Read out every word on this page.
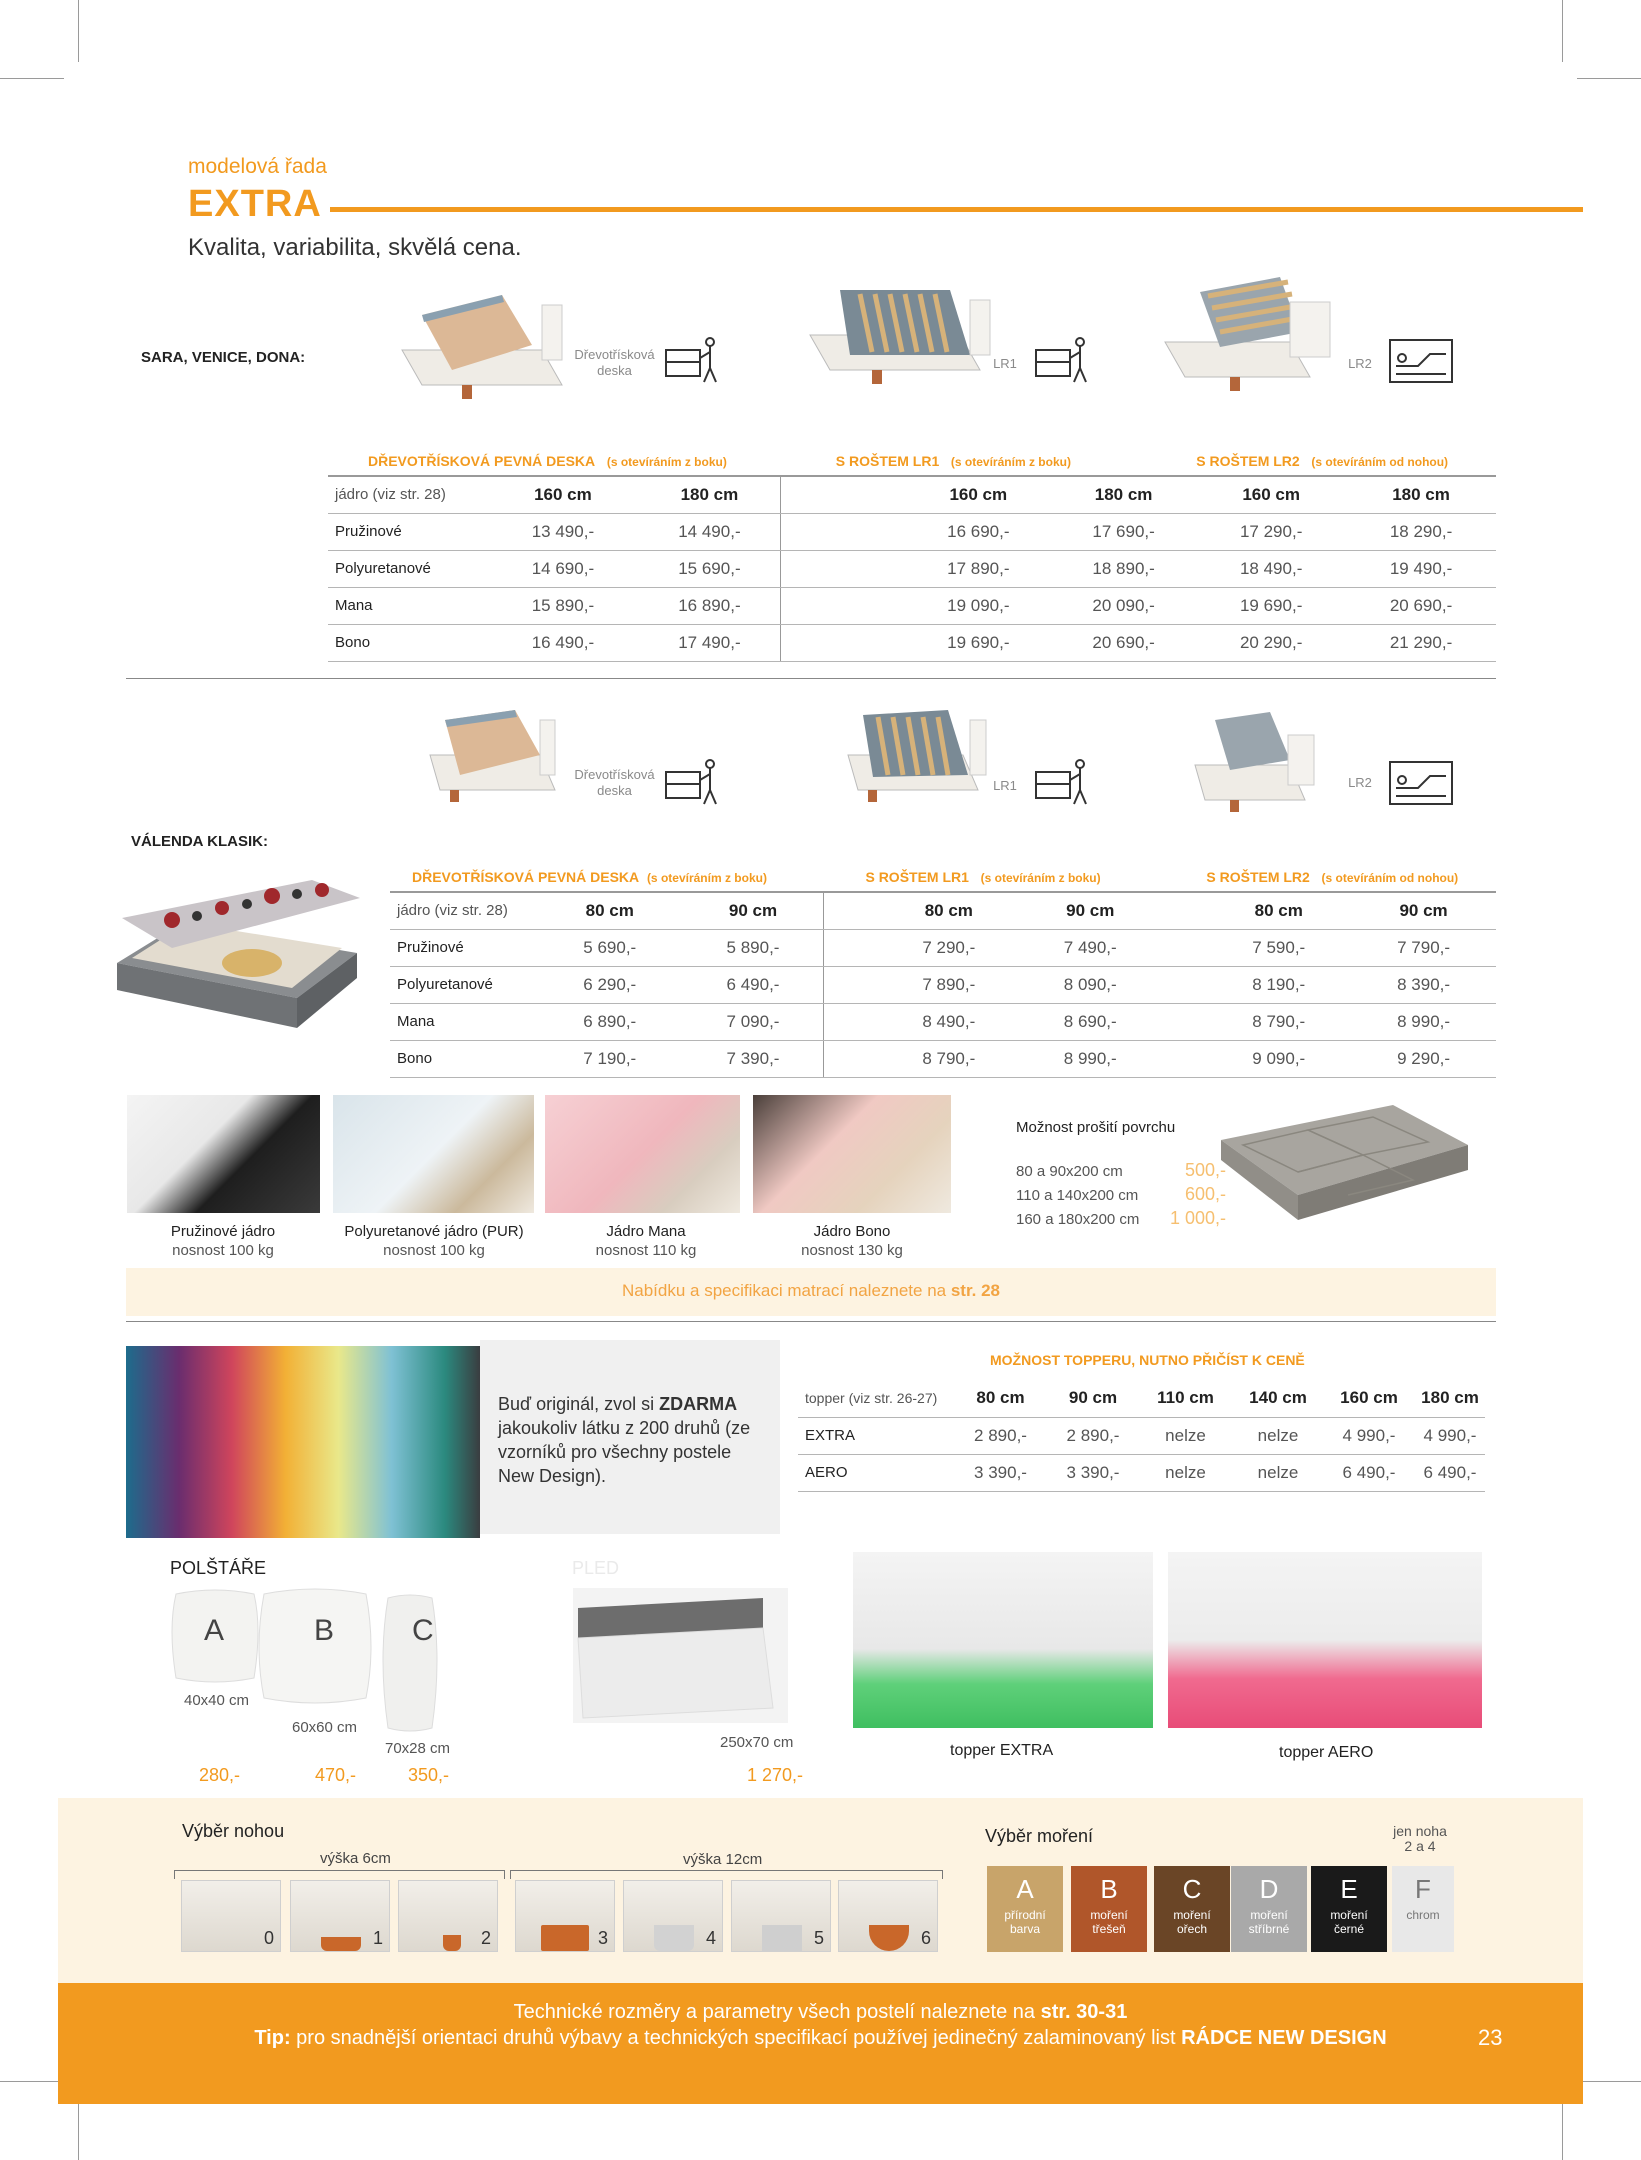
modelová řada
EXTRA
Kvalita, variabilita, skvělá cena.
SARA, VENICE, DONA:	Dřevotřísková
deska	LR1	LR2
DŘEVOTŘÍSKOVÁ PEVNÁ DESKA (s otevíráním z boku)			S ROŠTEM LR1 (s otevíráním z boku)			S ROŠTEM LR2 (s otevíráním od nohou)	
jádro (viz str. 28)	160 cm	180 cm		160 cm	180 cm	160 cm	180 cm
Pružinové	13 490,-	14 490,-		16 690,-	17 690,-	17 290,-	18 290,-
Polyuretanové	14 690,-	15 690,-		17 890,-	18 890,-	18 490,-	19 490,-
Mana	15 890,-	16 890,-		19 090,-	20 090,-	19 690,-	20 690,-
Bono	16 490,-	17 490,-		19 690,-	20 690,-	20 290,-	21 290,-
Dřevotřísková
deska	LR1	LR2
VÁLENDA KLASIK:
DŘEVOTŘÍSKOVÁ PEVNÁ DESKA (s otevíráním z boku)			S ROŠTEM LR1 (s otevíráním z boku)				S ROŠTEM LR2 (s otevíráním od nohou)	
jádro (viz str. 28)	80 cm	90 cm		80 cm	90 cm		80 cm	90 cm
Pružinové	5 690,-	5 890,-		7 290,-	7 490,-		7 590,-	7 790,-
Polyuretanové	6 290,-	6 490,-		7 890,-	8 090,-		8 190,-	8 390,-
Mana	6 890,-	7 090,-		8 490,-	8 690,-		8 790,-	8 990,-
Bono	7 190,-	7 390,-		8 790,-	8 990,-		9 090,-	9 290,-
Pružinové jádro
nosnost 100 kg
Polyuretanové jádro (PUR)
nosnost 100 kg
Jádro Mana
nosnost 110 kg
Jádro Bono
nosnost 130 kg
Možnost prošití povrchu
80 a 90x200 cm
110 a 140x200 cm
160 a 180x200 cm
500,-
600,-
1 000,-
Nabídku a specifikaci matrací naleznete na str. 28
Buď originál, zvol si ZDARMA
jakoukoliv látku z 200 druhů (ze vzorníků pro všechny postele New Design).
MOŽNOST TOPPERU, NUTNO PŘIČÍST K CENĚ
topper (viz str. 26-27)	80 cm	90 cm	110 cm	140 cm	160 cm	180 cm
EXTRA	2 890,-	2 890,-	nelze	nelze	4 990,-	4 990,-
AERO	3 390,-	3 390,-	nelze	nelze	6 490,-	6 490,-
POLŠTÁŘE
A	B	C
40x40 cm
60x60 cm
70x28 cm
280,-	470,-	350,-
PLED
250x70 cm
1 270,-
topper EXTRA	topper AERO
Výběr nohou
výška 6cm	výška 12cm
0	1	2	3	4	5	6
Výběr moření	jen noha
2 a 4
A
přírodní
barva
B
moření
třešeň
C
moření
ořech
D
moření
stříbrné
E
moření
černé
F
chrom
Technické rozměry a parametry všech postelí naleznete na str. 30-31
Tip: pro snadnější orientaci druhů výbavy a technických specifikací používej jedinečný zalaminovaný list RÁDCE NEW DESIGN	23
